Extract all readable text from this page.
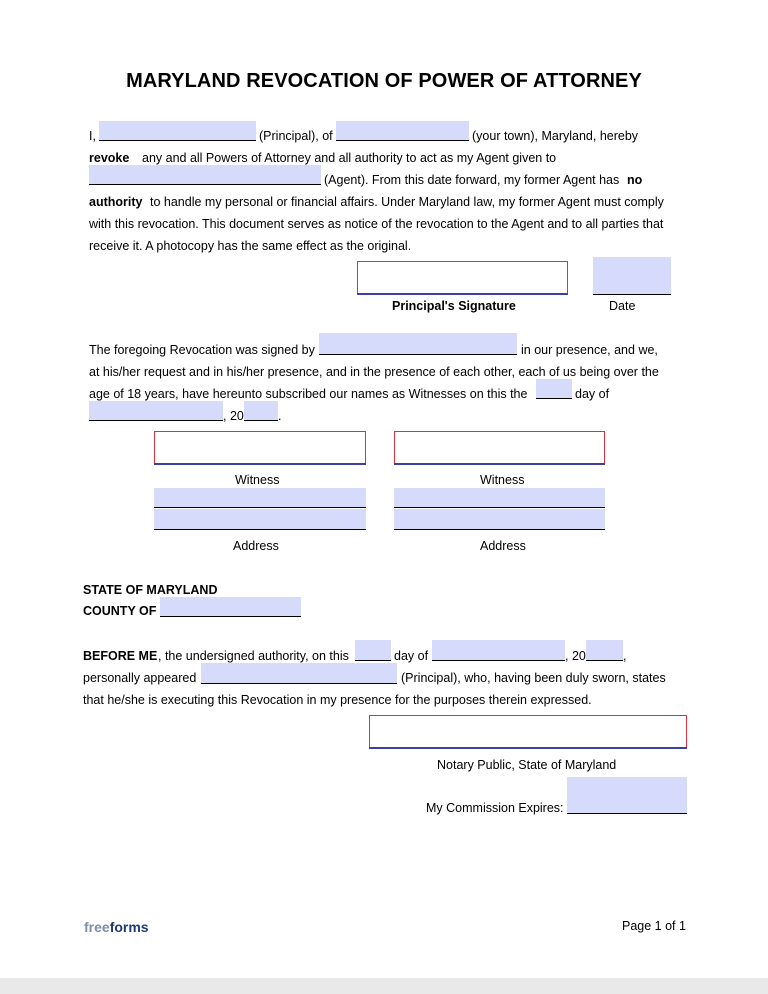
MARYLAND REVOCATION OF POWER OF ATTORNEY
I,	(Principal), of	(your town), Maryland, hereby
revoke any and all Powers of Attorney and all authority to act as my Agent given to
(Agent). From this date forward, my former Agent has no
authority to handle my personal or financial affairs. Under Maryland law, my former Agent must comply
with this revocation. This document serves as notice of the revocation to the Agent and to all parties that
receive it. A photocopy has the same effect as the original.
Principal's Signature	Date
The foregoing Revocation was signed by	in our presence, and we,
at his/her request and in his/her presence, and in the presence of each other, each of us being over the
age of 18 years, have hereunto subscribed our names as Witnesses on this the	day of
, 20	.
Witness	Witness
Address	Address
STATE OF MARYLAND
COUNTY OF
BEFORE ME , the undersigned authority, on this	day of	, 20	,
personally appeared	(Principal), who, having been duly sworn, states
that he/she is executing this Revocation in my presence for the purposes therein expressed.
Notary Public, State of Maryland
My Commission Expires:
freeforms	Page 1 of 1
